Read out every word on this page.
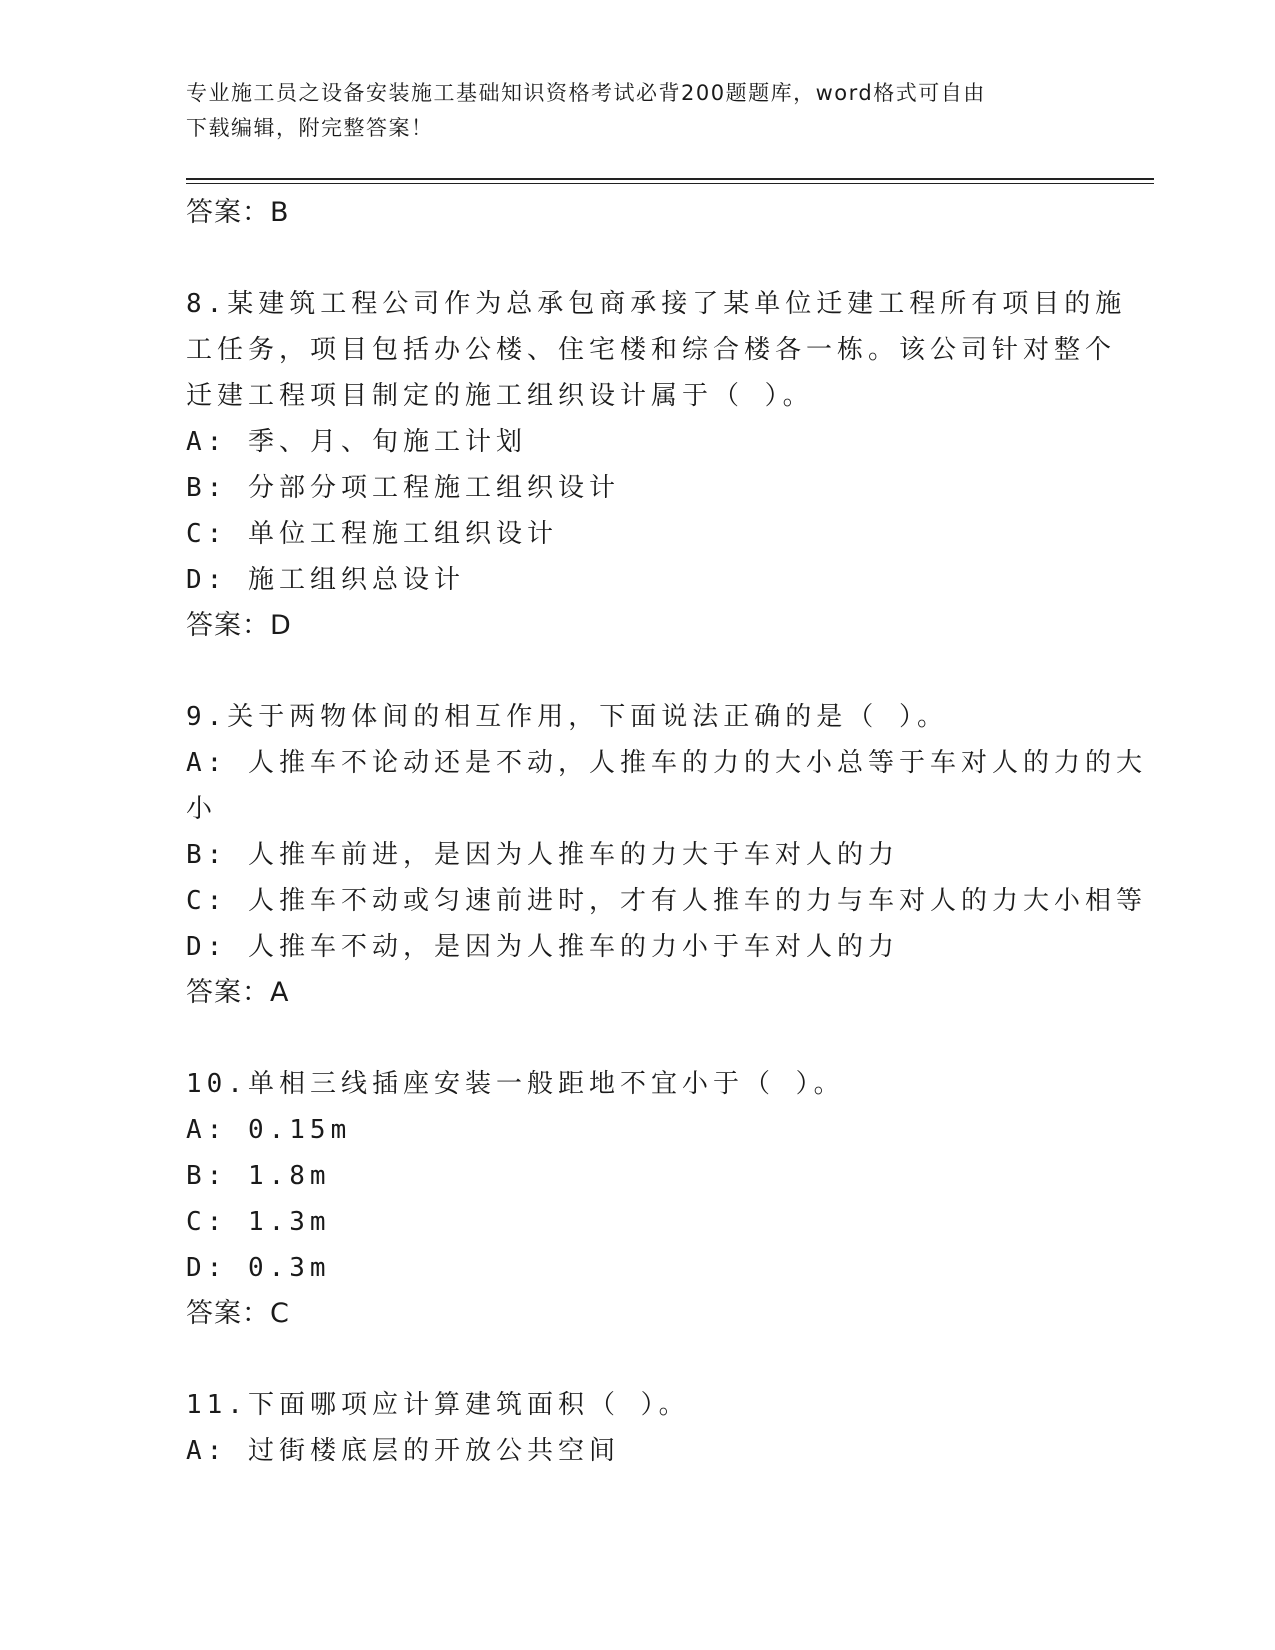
专业施工员之设备安装施工基础知识资格考试必背200题题库，word格式可自由
下载编辑，附完整答案！
答案：B
8.某建筑工程公司作为总承包商承接了某单位迁建工程所有项目的施
工任务，项目包括办公楼、住宅楼和综合楼各一栋。该公司针对整个
迁建工程项目制定的施工组织设计属于（ ）。
A: 季、月、旬施工计划
B: 分部分项工程施工组织设计
C: 单位工程施工组织设计
D: 施工组织总设计
答案：D
9.关于两物体间的相互作用，下面说法正确的是（ ）。
A: 人推车不论动还是不动，人推车的力的大小总等于车对人的力的大
小
B: 人推车前进，是因为人推车的力大于车对人的力
C: 人推车不动或匀速前进时，才有人推车的力与车对人的力大小相等
D: 人推车不动，是因为人推车的力小于车对人的力
答案：A
10.单相三线插座安装一般距地不宜小于（ ）。
A: 0.15m
B: 1.8m
C: 1.3m
D: 0.3m
答案：C
11.下面哪项应计算建筑面积（ ）。
A: 过街楼底层的开放公共空间
